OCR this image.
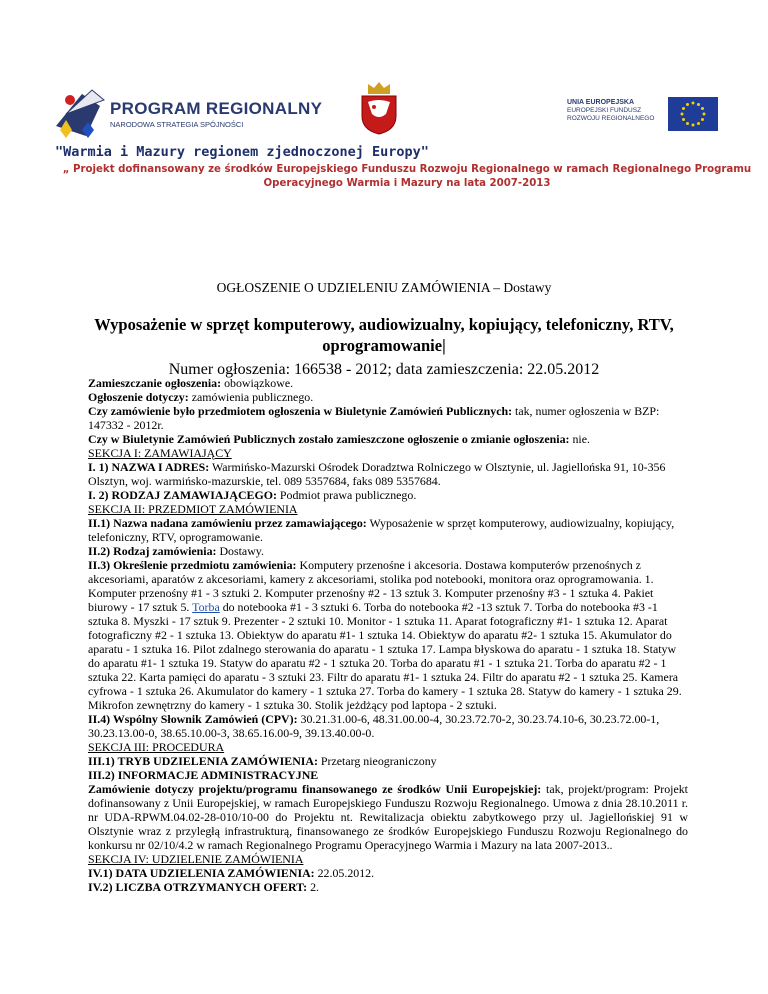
PROGRAM REGIONALNY
NARODOWA STRATEGIA SPÓJNOŚCI
UNIA EUROPEJSKA
EUROPEJSKI FUNDUSZ
ROZWOJU REGIONALNEGO
"Warmia i Mazury regionem zjednoczonej Europy"
„ Projekt dofinansowany ze środków Europejskiego Funduszu Rozwoju Regionalnego w ramach Regionalnego Programu Operacyjnego Warmia i Mazury na lata 2007-2013
OGŁOSZENIE O UDZIELENIU ZAMÓWIENIA – Dostawy
Wyposażenie w sprzęt komputerowy, audiowizualny, kopiujący, telefoniczny, RTV, oprogramowanie|
Numer ogłoszenia: 166538 - 2012; data zamieszczenia: 22.05.2012

Zamieszczanie ogłoszenia: obowiązkowe.

Ogłoszenie dotyczy: zamówienia publicznego.

Czy zamówienie było przedmiotem ogłoszenia w Biuletynie Zamówień Publicznych: tak, numer ogłoszenia w BZP: 147332 - 2012r.

Czy w Biuletynie Zamówień Publicznych zostało zamieszczone ogłoszenie o zmianie ogłoszenia: nie.

SEKCJA I: ZAMAWIAJĄCY

I. 1) NAZWA I ADRES: Warmińsko-Mazurski Ośrodek Doradztwa Rolniczego w Olsztynie, ul. Jagiellońska 91, 10-356 Olsztyn, woj. warmińsko-mazurskie, tel. 089 5357684, faks 089 5357684.

I. 2) RODZAJ ZAMAWIAJĄCEGO: Podmiot prawa publicznego.

SEKCJA II: PRZEDMIOT ZAMÓWIENIA

II.1) Nazwa nadana zamówieniu przez zamawiającego: Wyposażenie w sprzęt komputerowy, audiowizualny, kopiujący, telefoniczny, RTV, oprogramowanie.

II.2) Rodzaj zamówienia: Dostawy.

II.3) Określenie przedmiotu zamówienia: Komputery przenośne i akcesoria. Dostawa komputerów przenośnych z akcesoriami, aparatów z akcesoriami, kamery z akcesoriami, stolika pod notebooki, monitora oraz oprogramowania. 1. Komputer przenośny #1 - 3 sztuki 2. Komputer przenośny #2 - 13 sztuk 3. Komputer przenośny #3 - 1 sztuka 4. Pakiet biurowy - 17 sztuk 5. Torba do notebooka #1 - 3 sztuki 6. Torba do notebooka #2 -13 sztuk 7. Torba do notebooka #3 -1 sztuka 8. Myszki - 17 sztuk 9. Prezenter - 2 sztuki 10. Monitor - 1 sztuka 11. Aparat fotograficzny #1- 1 sztuka 12. Aparat fotograficzny #2 - 1 sztuka 13. Obiektyw do aparatu #1- 1 sztuka 14. Obiektyw do aparatu #2- 1 sztuka 15. Akumulator do aparatu - 1 sztuka 16. Pilot zdalnego sterowania do aparatu - 1 sztuka 17. Lampa błyskowa do aparatu - 1 sztuka 18. Statyw do aparatu #1- 1 sztuka 19. Statyw do aparatu #2 - 1 sztuka 20. Torba do aparatu #1 - 1 sztuka 21. Torba do aparatu #2 - 1 sztuka 22. Karta pamięci do aparatu - 3 sztuki 23. Filtr do aparatu #1- 1 sztuka 24. Filtr do aparatu #2 - 1 sztuka 25. Kamera cyfrowa - 1 sztuka 26. Akumulator do kamery - 1 sztuka 27. Torba do kamery - 1 sztuka 28. Statyw do kamery - 1 sztuka 29. Mikrofon zewnętrzny do kamery - 1 sztuka 30. Stolik jeżdżący pod laptopa - 2 sztuki.

II.4) Wspólny Słownik Zamówień (CPV): 30.21.31.00-6, 48.31.00.00-4, 30.23.72.70-2, 30.23.74.10-6, 30.23.72.00-1, 30.23.13.00-0, 38.65.10.00-3, 38.65.16.00-9, 39.13.40.00-0.

SEKCJA III: PROCEDURA

III.1) TRYB UDZIELENIA ZAMÓWIENIA: Przetarg nieograniczony

III.2) INFORMACJE ADMINISTRACYJNE

Zamówienie dotyczy projektu/programu finansowanego ze środków Unii Europejskiej: tak, projekt/program: Projekt dofinansowany z Unii Europejskiej, w ramach Europejskiego Funduszu Rozwoju Regionalnego. Umowa z dnia 28.10.2011 r. nr UDA-RPWM.04.02-28-010/10-00 do Projektu nt. Rewitalizacja obiektu zabytkowego przy ul. Jagiellońskiej 91 w Olsztynie wraz z przyległą infrastrukturą, finansowanego ze środków Europejskiego Funduszu Rozwoju Regionalnego do konkursu nr 02/10/4.2 w ramach Regionalnego Programu Operacyjnego Warmia i Mazury na lata 2007-2013..

SEKCJA IV: UDZIELENIE ZAMÓWIENIA

IV.1) DATA UDZIELENIA ZAMÓWIENIA: 22.05.2012.

IV.2) LICZBA OTRZYMANYCH OFERT: 2.
